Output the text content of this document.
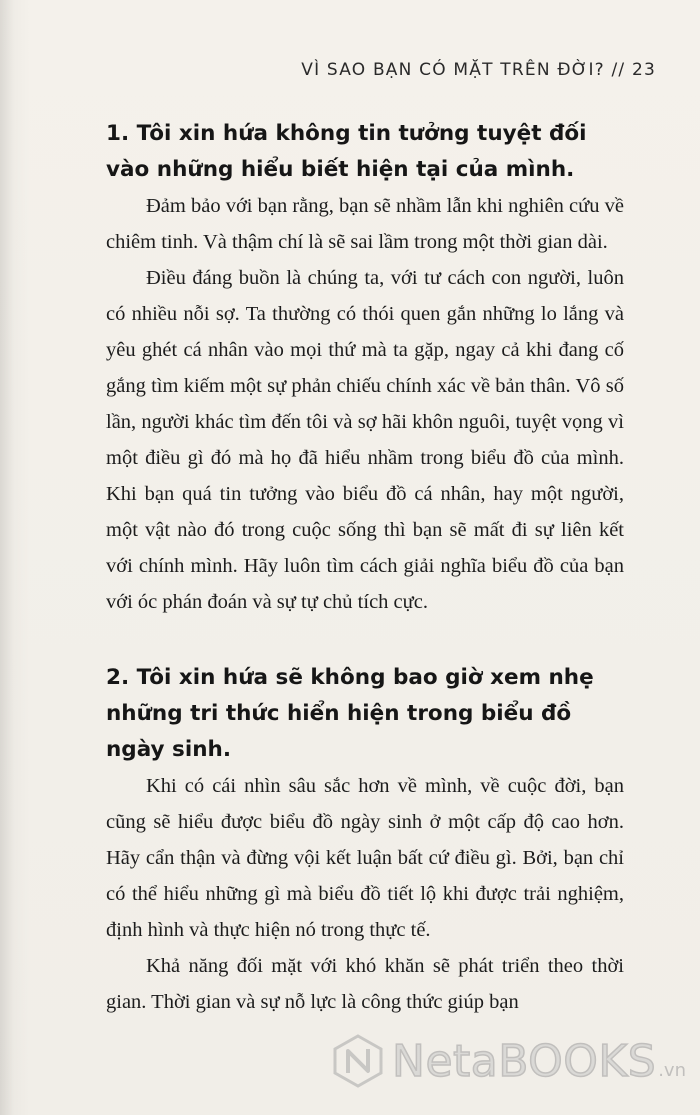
VÌ SAO BẠN CÓ MẶT TRÊN ĐỜI? // 23
1. Tôi xin hứa không tin tưởng tuyệt đối vào những hiểu biết hiện tại của mình.

Đảm bảo với bạn rằng, bạn sẽ nhầm lẫn khi nghiên cứu về chiêm tinh. Và thậm chí là sẽ sai lầm trong một thời gian dài.

Điều đáng buồn là chúng ta, với tư cách con người, luôn có nhiều nỗi sợ. Ta thường có thói quen gắn những lo lắng và yêu ghét cá nhân vào mọi thứ mà ta gặp, ngay cả khi đang cố gắng tìm kiếm một sự phản chiếu chính xác về bản thân. Vô số lần, người khác tìm đến tôi và sợ hãi khôn nguôi, tuyệt vọng vì một điều gì đó mà họ đã hiểu nhầm trong biểu đồ của mình. Khi bạn quá tin tưởng vào biểu đồ cá nhân, hay một người, một vật nào đó trong cuộc sống thì bạn sẽ mất đi sự liên kết với chính mình. Hãy luôn tìm cách giải nghĩa biểu đồ của bạn với óc phán đoán và sự tự chủ tích cực.

2. Tôi xin hứa sẽ không bao giờ xem nhẹ những tri thức hiển hiện trong biểu đồ ngày sinh.

Khi có cái nhìn sâu sắc hơn về mình, về cuộc đời, bạn cũng sẽ hiểu được biểu đồ ngày sinh ở một cấp độ cao hơn. Hãy cẩn thận và đừng vội kết luận bất cứ điều gì. Bởi, bạn chỉ có thể hiểu những gì mà biểu đồ tiết lộ khi được trải nghiệm, định hình và thực hiện nó trong thực tế.

Khả năng đối mặt với khó khăn sẽ phát triển theo thời gian. Thời gian và sự nỗ lực là công thức giúp bạn

NetaBOOKS .vn
